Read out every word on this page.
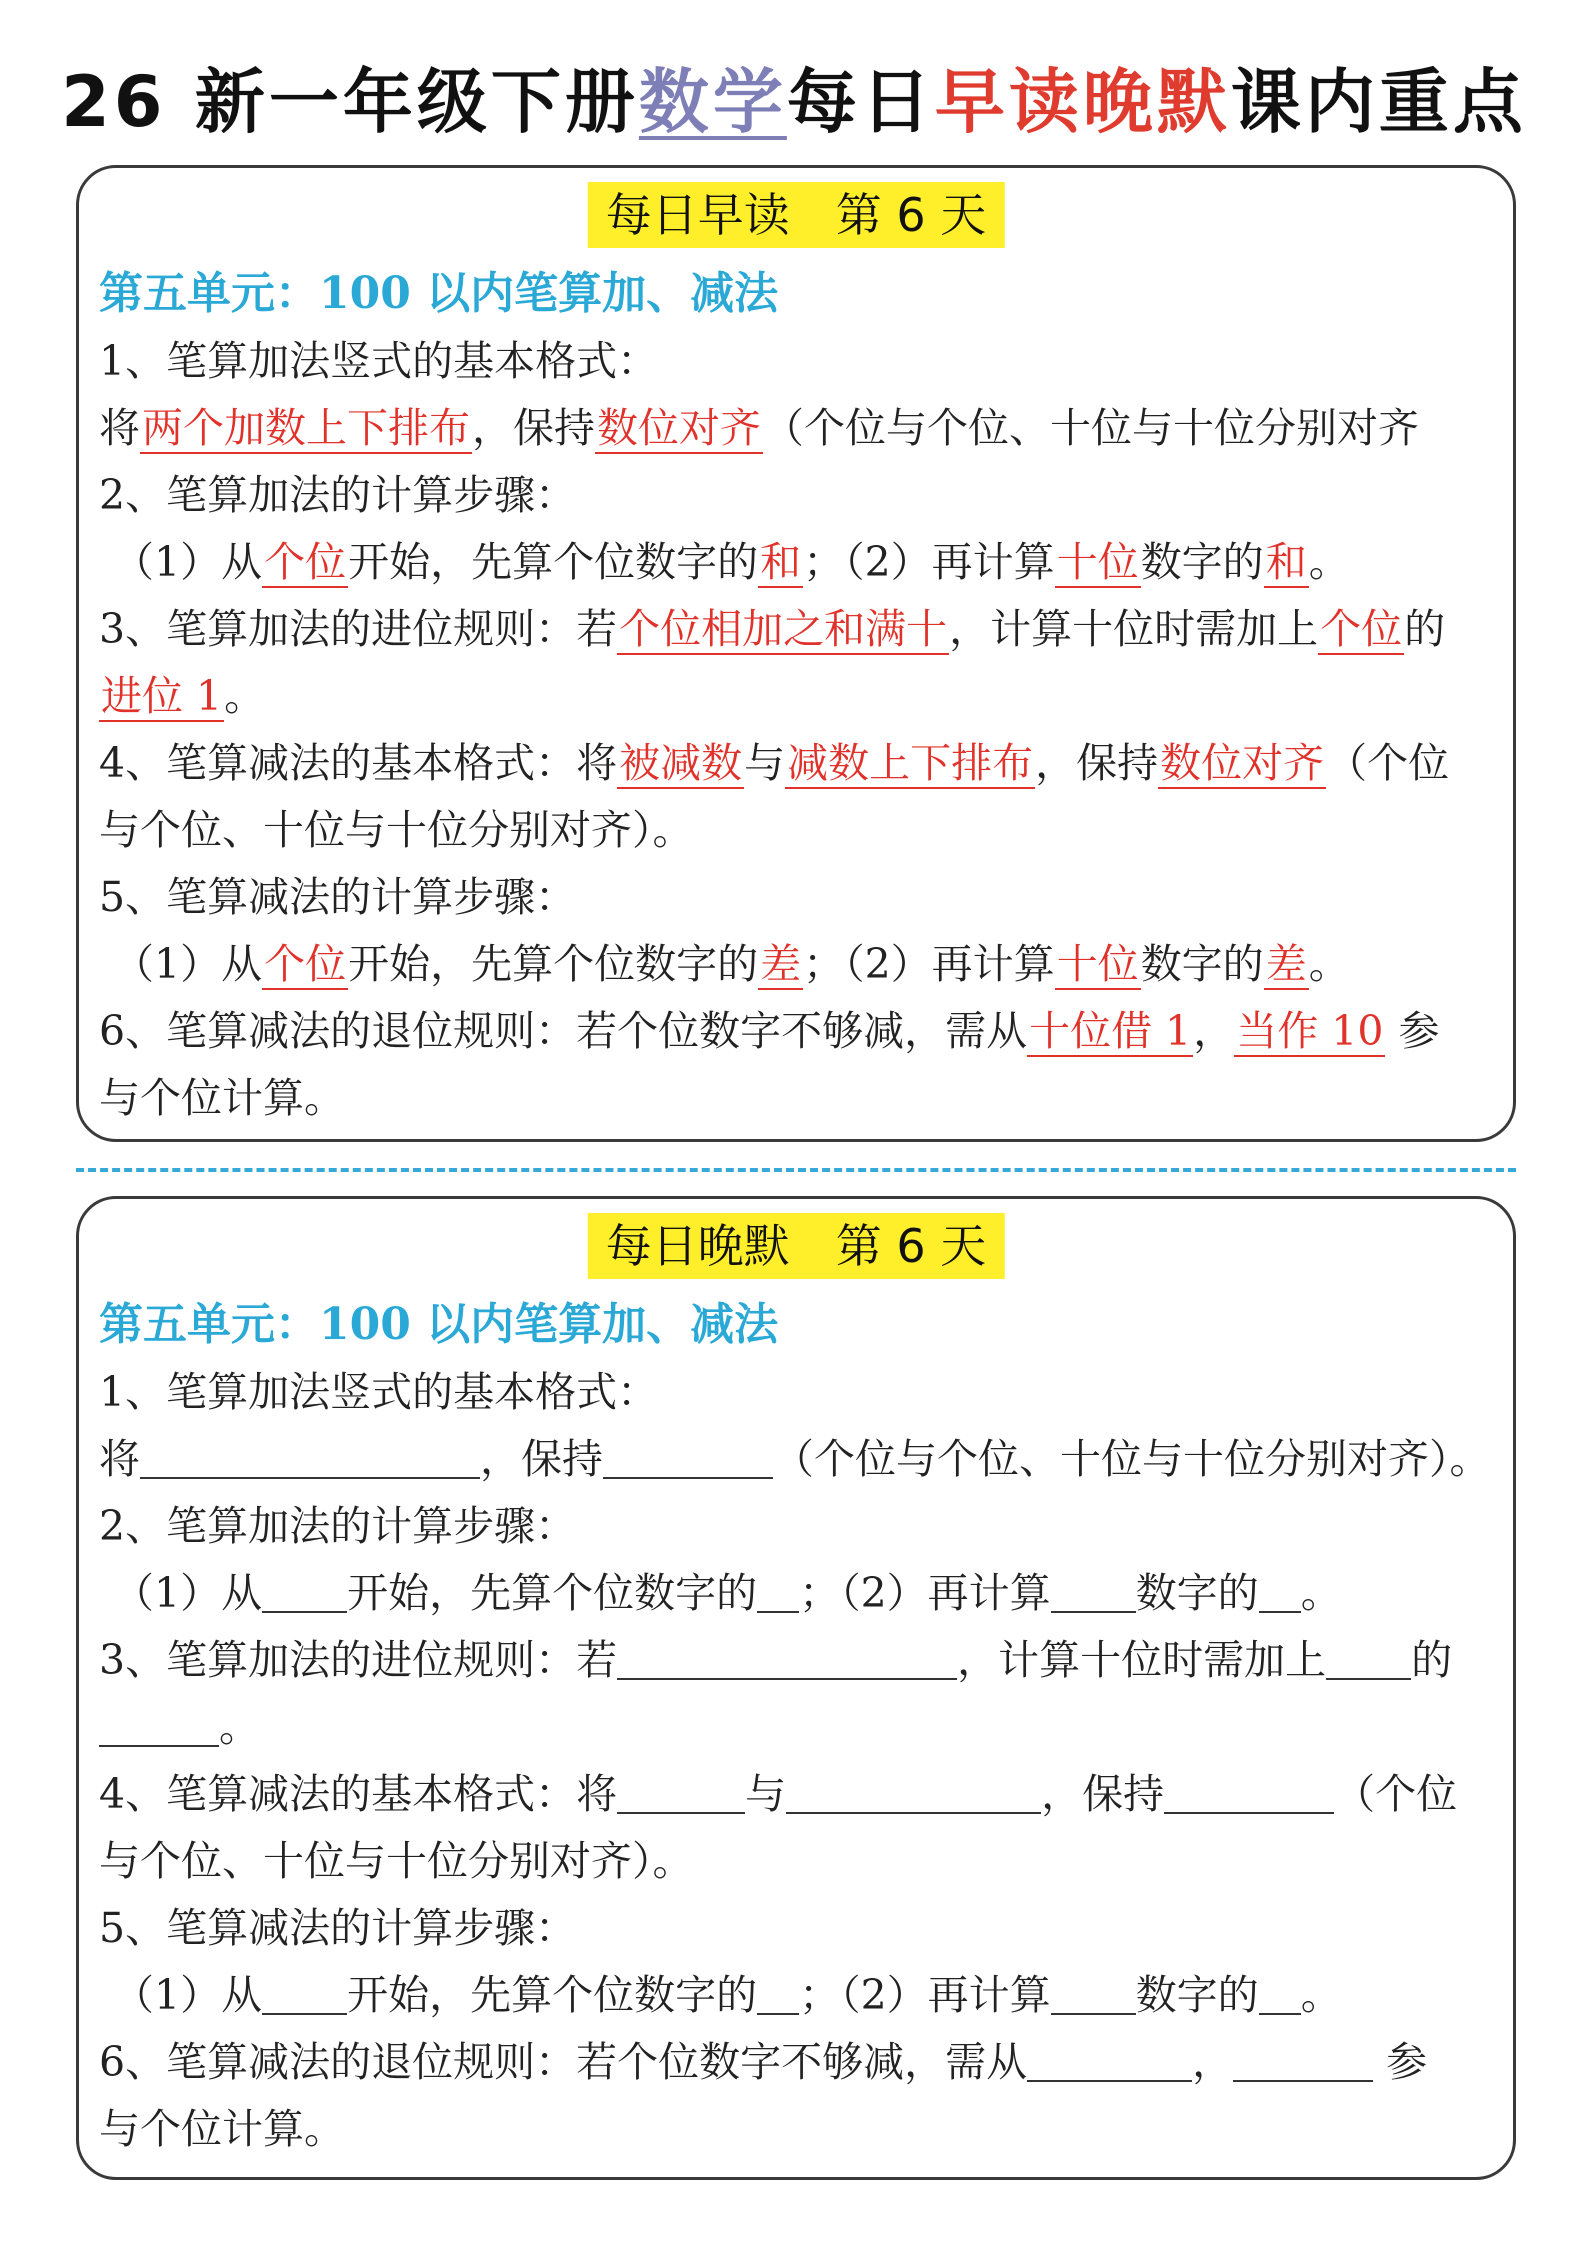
26 新一年级下册数学每日早读晚默课内重点
每日早读　第 6 天
第五单元：100 以内笔算加、减法
1、笔算加法竖式的基本格式：
将两个加数上下排布，保持数位对齐（个位与个位、十位与十位分别对齐
2、笔算加法的计算步骤：
（1）从个位开始，先算个位数字的和；（2）再计算十位数字的和。
3、笔算加法的进位规则：若个位相加之和满十，计算十位时需加上个位的
进位 1。
4、笔算减法的基本格式：将被减数与减数上下排布，保持数位对齐（个位
与个位、十位与十位分别对齐）。
5、笔算减法的计算步骤：
（1）从个位开始，先算个位数字的差；（2）再计算十位数字的差。
6、笔算减法的退位规则：若个位数字不够减，需从十位借 1，当作 10 参
与个位计算。
每日晚默　第 6 天
第五单元：100 以内笔算加、减法
1、笔算加法竖式的基本格式：
将	，保持	（个位与个位、十位与十位分别对齐）。
2、笔算加法的计算步骤：
（1）从 开始，先算个位数字的 ；（2）再计算 数字的 。
3、笔算加法的进位规则：若	，计算十位时需加上 的
。
4、笔算减法的基本格式：将	与	，保持	（个位
与个位、十位与十位分别对齐）。
5、笔算减法的计算步骤：
（1）从 开始，先算个位数字的 ；（2）再计算 数字的 。
6、笔算减法的退位规则：若个位数字不够减，需从	，	参
与个位计算。
